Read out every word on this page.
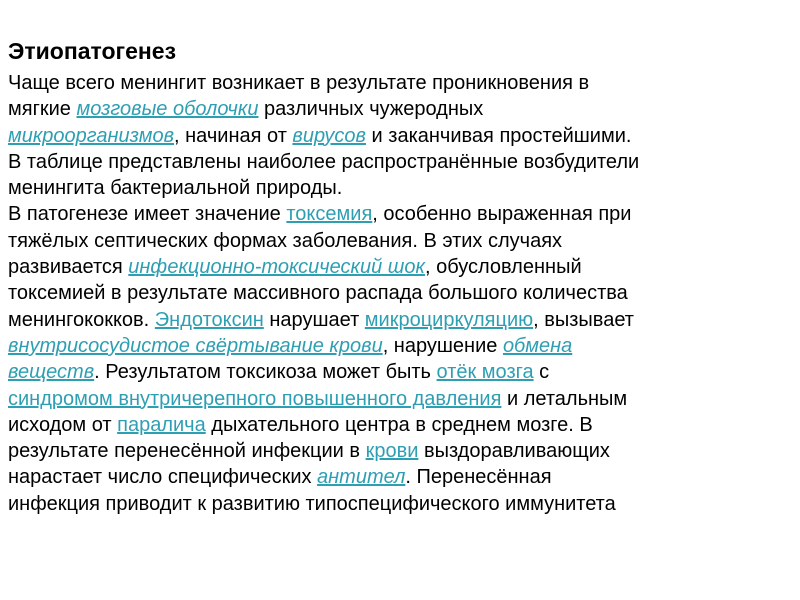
Этиопатогенез
Чаще всего менингит возникает в результате проникновения в
мягкие мозговые оболочки различных чужеродных
микроорганизмов, начиная от вирусов и заканчивая простейшими.
В таблице представлены наиболее распространённые возбудители
менингита бактериальной природы.
В патогенезе имеет значение токсемия, особенно выраженная при
тяжёлых септических формах заболевания. В этих случаях
развивается инфекционно-токсический шок, обусловленный
токсемией в результате массивного распада большого количества
менингококков. Эндотоксин нарушает микроциркуляцию, вызывает
внутрисосудистое свёртывание крови, нарушение обмена
веществ. Результатом токсикоза может быть отёк мозга с
синдромом внутричерепного повышенного давления и летальным
исходом от паралича дыхательного центра в среднем мозге. В
результате перенесённой инфекции в крови выздоравливающих
нарастает число специфических антител. Перенесённая
инфекция приводит к развитию типоспецифического иммунитета
